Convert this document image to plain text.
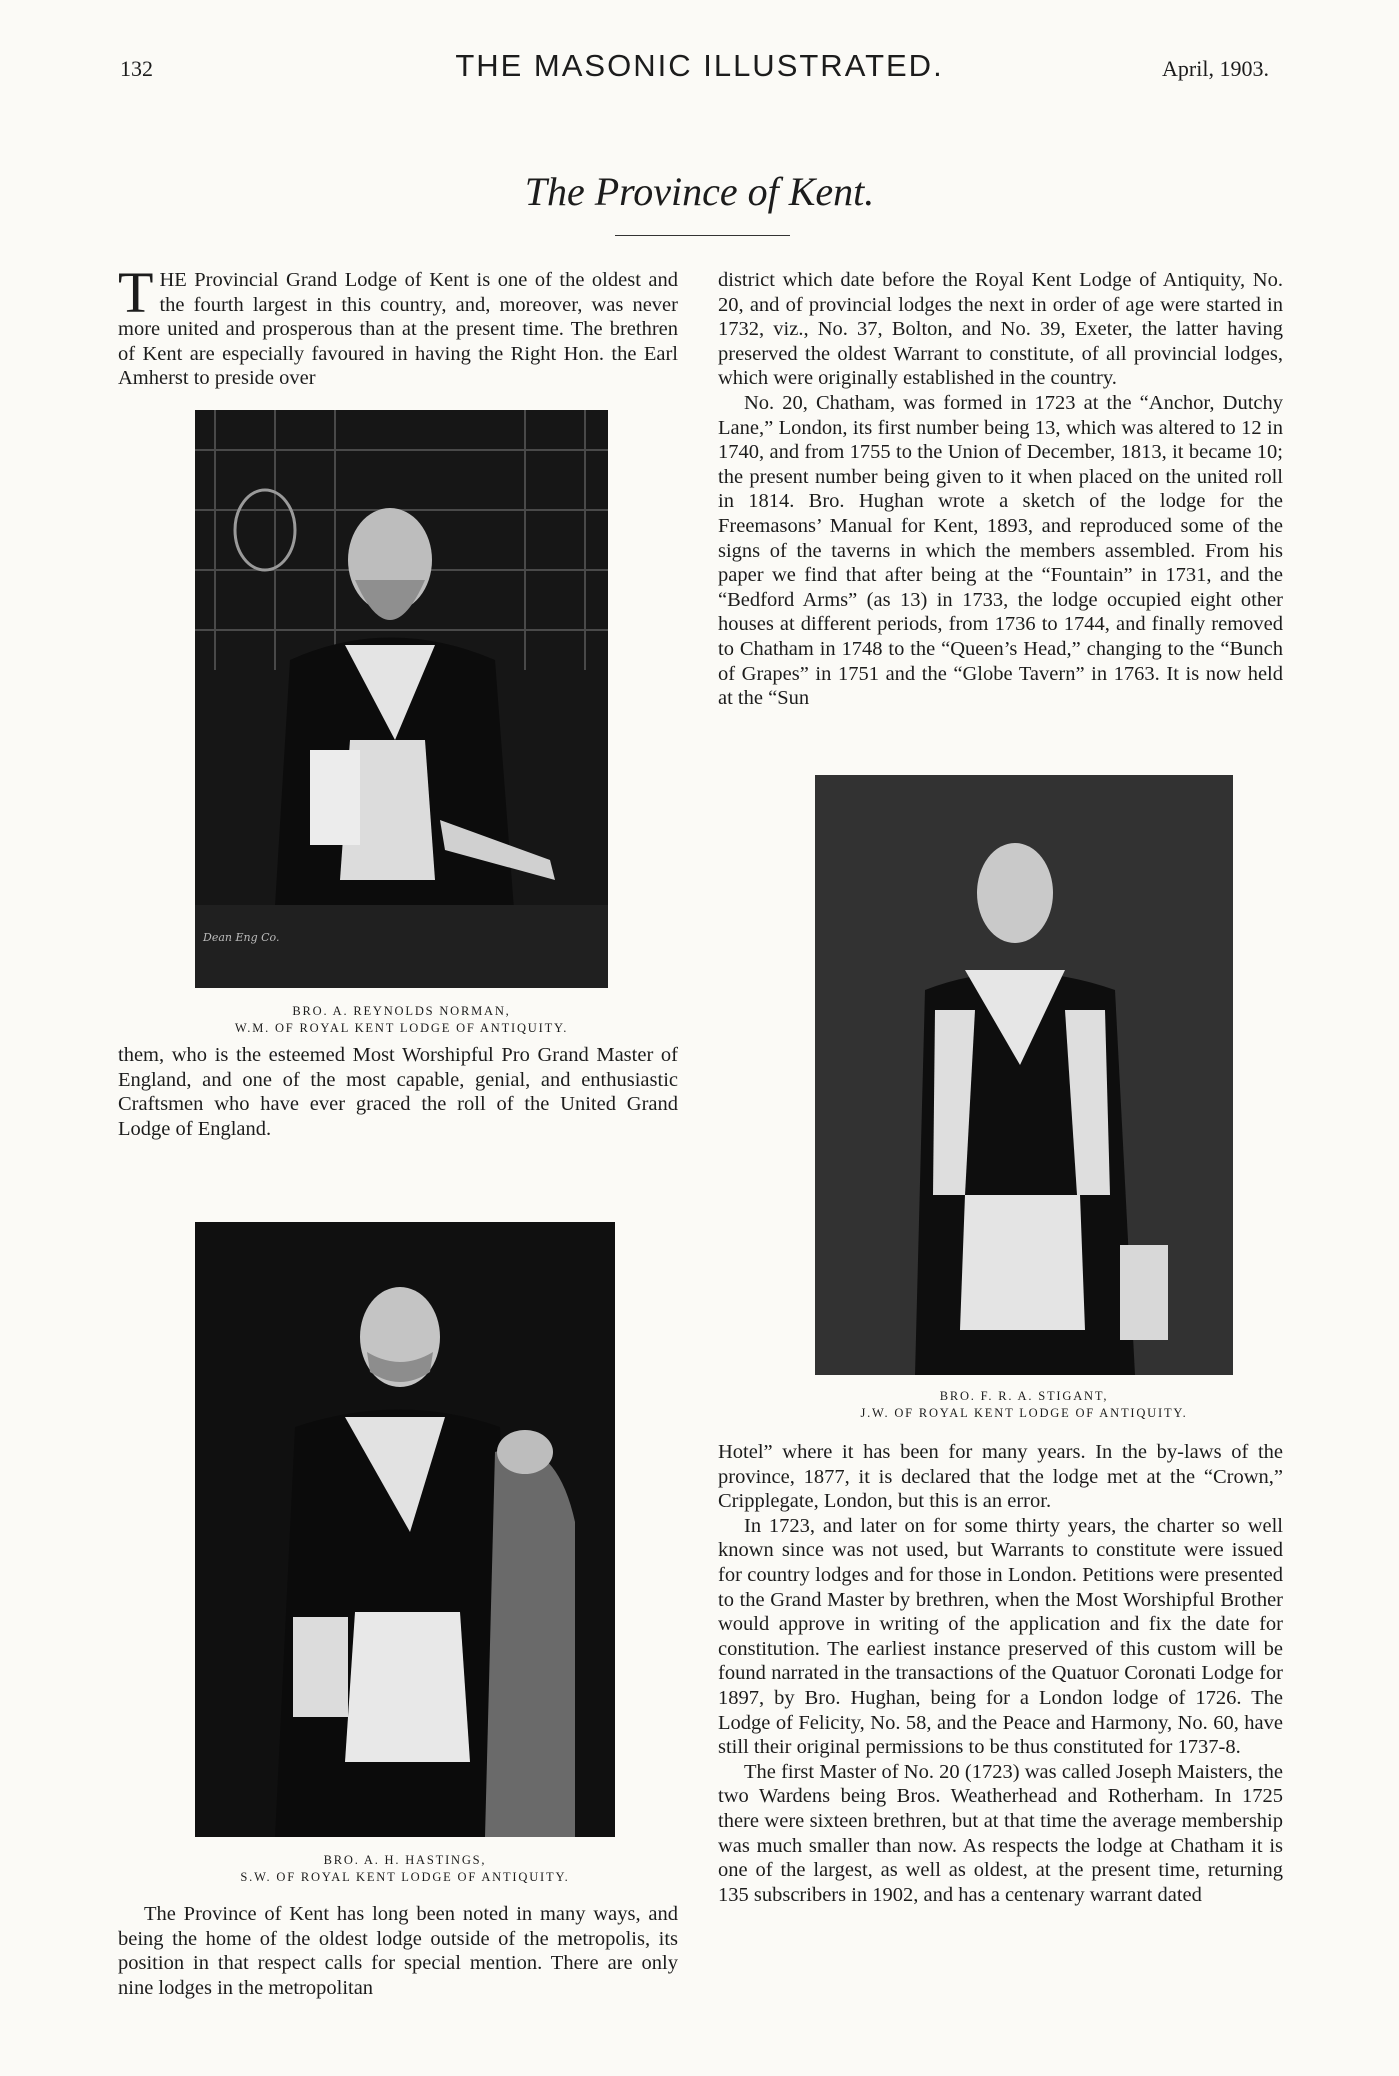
132	THE MASONIC ILLUSTRATED.	April, 1903.
The Province of Kent.

T HE Provincial Grand Lodge of Kent is one of the oldest and the fourth largest in this country, and, moreover, was never more united and prosperous than at the present time. The brethren of Kent are especially favoured in having the Right Hon. the Earl Amherst to preside over

Dean Eng Co.
BRO. A. REYNOLDS NORMAN,
W.M. OF ROYAL KENT LODGE OF ANTIQUITY.

them, who is the esteemed Most Worshipful Pro Grand Master of England, and one of the most capable, genial, and enthusiastic Craftsmen who have ever graced the roll of the United Grand Lodge of England.

BRO. A. H. HASTINGS,
S.W. OF ROYAL KENT LODGE OF ANTIQUITY.

The Province of Kent has long been noted in many ways, and being the home of the oldest lodge outside of the metropolis, its position in that respect calls for special mention. There are only nine lodges in the metropolitan

district which date before the Royal Kent Lodge of Antiquity, No. 20, and of provincial lodges the next in order of age were started in 1732, viz., No. 37, Bolton, and No. 39, Exeter, the latter having preserved the oldest Warrant to constitute, of all provincial lodges, which were originally established in the country.

No. 20, Chatham, was formed in 1723 at the “Anchor, Dutchy Lane,” London, its first number being 13, which was altered to 12 in 1740, and from 1755 to the Union of December, 1813, it became 10; the present number being given to it when placed on the united roll in 1814. Bro. Hughan wrote a sketch of the lodge for the Freemasons’ Manual for Kent, 1893, and reproduced some of the signs of the taverns in which the members assembled. From his paper we find that after being at the “Fountain” in 1731, and the “Bedford Arms” (as 13) in 1733, the lodge occupied eight other houses at different periods, from 1736 to 1744, and finally removed to Chatham in 1748 to the “Queen’s Head,” changing to the “Bunch of Grapes” in 1751 and the “Globe Tavern” in 1763. It is now held at the “Sun

BRO. F. R. A. STIGANT,
J.W. OF ROYAL KENT LODGE OF ANTIQUITY.

Hotel” where it has been for many years. In the by-laws of the province, 1877, it is declared that the lodge met at the “Crown,” Cripplegate, London, but this is an error.

In 1723, and later on for some thirty years, the charter so well known since was not used, but Warrants to constitute were issued for country lodges and for those in London. Petitions were presented to the Grand Master by brethren, when the Most Worshipful Brother would approve in writing of the application and fix the date for constitution. The earliest instance preserved of this custom will be found narrated in the transactions of the Quatuor Coronati Lodge for 1897, by Bro. Hughan, being for a London lodge of 1726. The Lodge of Felicity, No. 58, and the Peace and Harmony, No. 60, have still their original permissions to be thus constituted for 1737-8.

The first Master of No. 20 (1723) was called Joseph Maisters, the two Wardens being Bros. Weatherhead and Rotherham. In 1725 there were sixteen brethren, but at that time the average membership was much smaller than now. As respects the lodge at Chatham it is one of the largest, as well as oldest, at the present time, returning 135 subscribers in 1902, and has a centenary warrant dated
